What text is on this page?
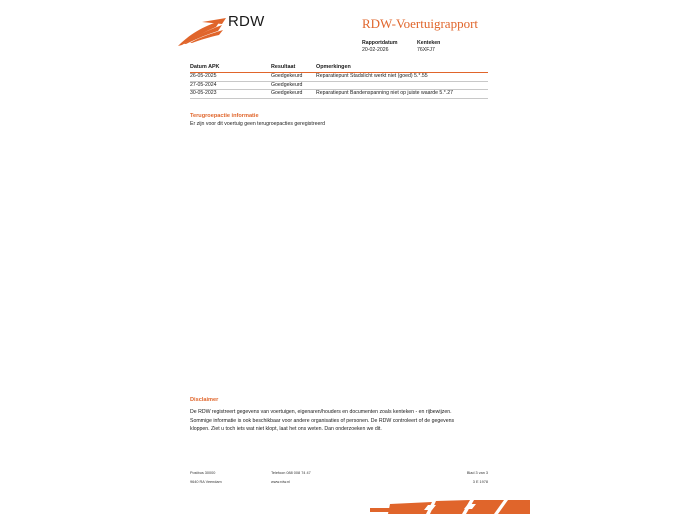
RDW	RDW-Voertuigrapport
Rapportdatum
20-02-2026
Kenteken
76XFJ7
Datum APK	Resultaat	Opmerkingen
26-05-2025	Goedgekeurd	Reparatiepunt Stadslicht werkt niet (goed) 5.*.55
27-05-2024	Goedgekeurd
30-05-2023	Goedgekeurd	Reparatiepunt Bandenspanning niet op juiste waarde 5.*.27
Terugroepactie informatie
Er zijn voor dit voertuig geen terugroepacties geregistreerd
Disclaimer
De RDW registreert gegevens van voertuigen, eigenaren/houders en documenten zoals kenteken - en rijbewijzen.
Sommige informatie is ook beschikbaar voor andere organisaties of personen. De RDW controleert of de gegevens
kloppen. Ziet u toch iets wat niet klopt, laat het ons weten. Dan onderzoeken we dit.
Postbus 30000
9640 RA Veendam
Telefoon 088 008 74 47
www.rdw.nl
Blad 3 van 3
3 E 1978
